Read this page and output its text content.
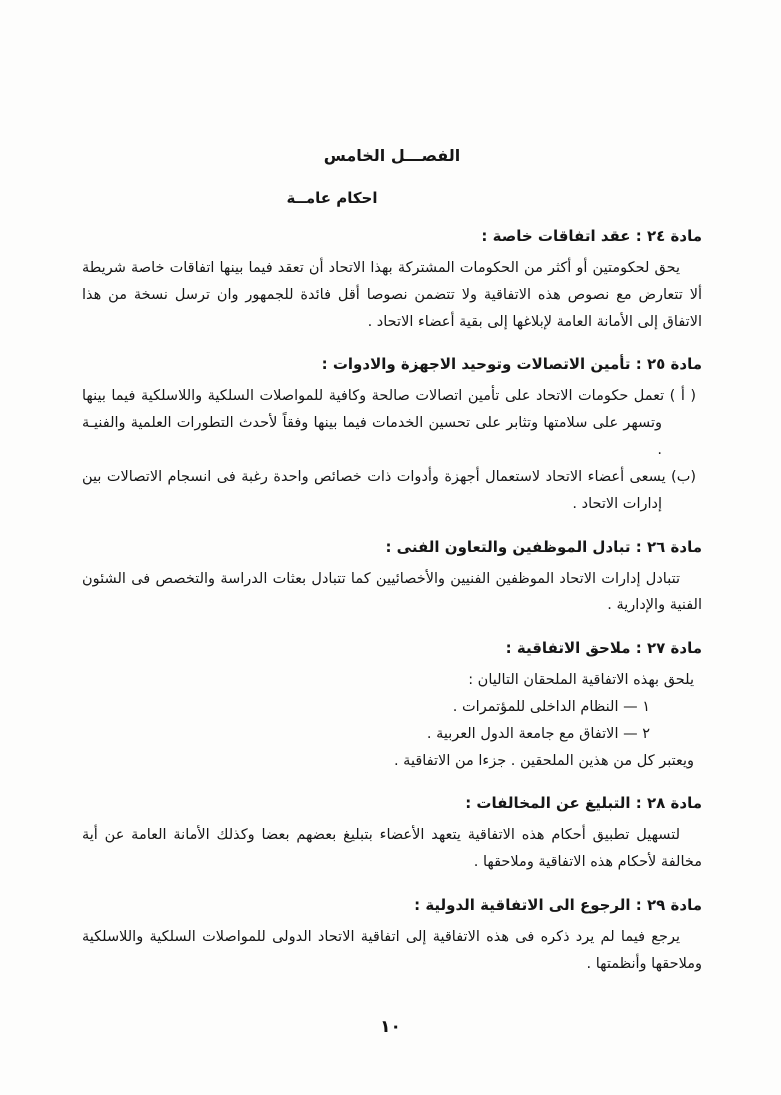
الفصـــل الخامس
احكام عامــة
مادة ٢٤ : عقد اتفاقات خاصة :

يحق لحكومتين أو أكثر من الحكومات المشتركة بهذا الاتحاد أن تعقد فيما بينها اتفاقات خاصة شريطة ألا تتعارض مع نصوص هذه الاتفاقية ولا تتضمن نصوصا أقل فائدة للجمهور وان ترسل نسخة من هذا الاتفاق إلى الأمانة العامة لإبلاغها إلى بقية أعضاء الاتحاد .

مادة ٢٥ : تأمين الاتصالات وتوحيد الاجهزة والادوات :

( أ ) تعمل حكومات الاتحاد على تأمين اتصالات صالحة وكافية للمواصلات السلكية واللاسلكية فيما بينها وتسهر على سلامتها وتثابر على تحسين الخدمات فيما بينها وفقاً لأحدث التطورات العلمية والفنيـة .

(ب) يسعى أعضاء الاتحاد لاستعمال أجهزة وأدوات ذات خصائص واحدة رغبة فى انسجام الاتصالات بين إدارات الاتحاد .

مادة ٢٦ : تبادل الموظفين والتعاون الفنى :

تتبادل إدارات الاتحاد الموظفين الفنيين والأخصائيين كما تتبادل بعثات الدراسة والتخصص فى الشئون الفنية والإدارية .

مادة ٢٧ : ملاحق الاتفاقية :

يلحق بهذه الاتفاقية الملحقان التاليان :

١ — النظام الداخلى للمؤتمرات .

٢ — الاتفاق مع جامعة الدول العربية .

ويعتبر كل من هذين الملحقين . جزءا من الاتفاقية .

مادة ٢٨ : التبليغ عن المخالفات :

لتسهيل تطبيق أحكام هذه الاتفاقية يتعهد الأعضاء بتبليغ بعضهم بعضا وكذلك الأمانة العامة عن أية مخالفة لأحكام هذه الاتفاقية وملاحقها .

مادة ٢٩ : الرجوع الى الاتفاقية الدولية :

يرجع فيما لم يرد ذكره فى هذه الاتفاقية إلى اتفاقية الاتحاد الدولى للمواصلات السلكية واللاسلكية وملاحقها وأنظمتها .

١٠
